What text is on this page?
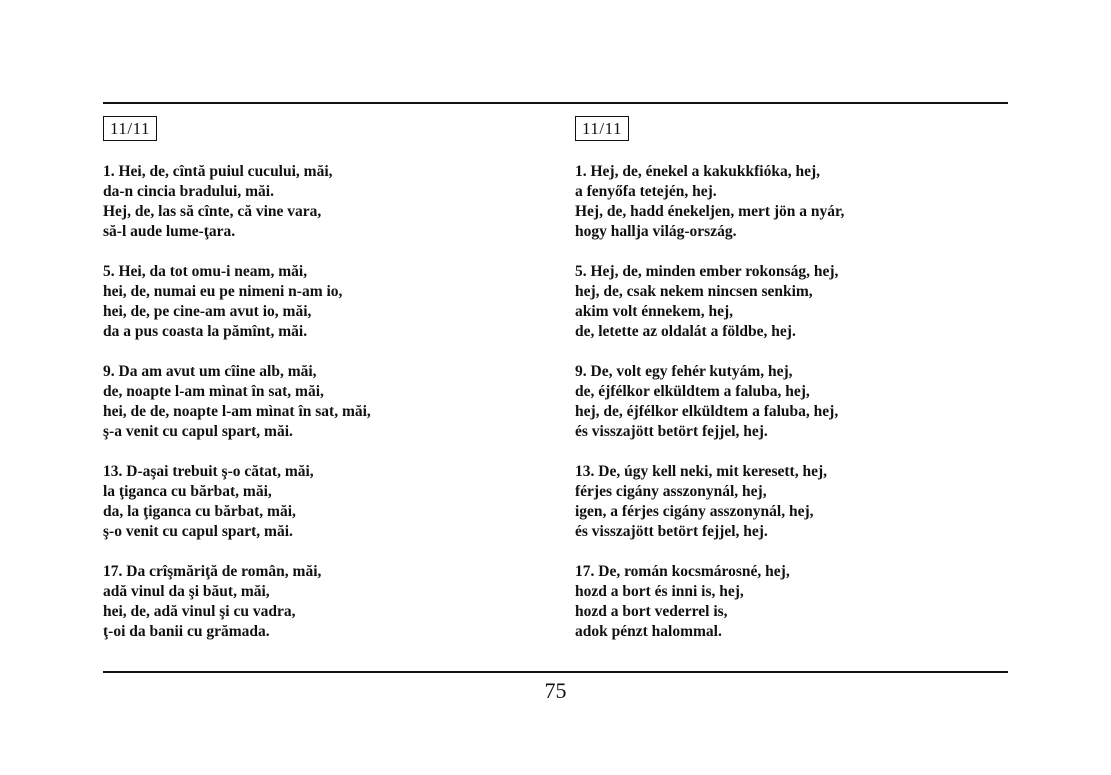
11/11
1. Hei, de, cîntă puiul cucului, măi,
da-n cincia bradului, măi.
Hej, de, las să cînte, că vine vara,
să-l aude lume-ţara.
5. Hei, da tot omu-i neam, măi,
hei, de, numai eu pe nimeni n-am io,
hei, de, pe cine-am avut io, măi,
da a pus coasta la pămînt, măi.
9. Da am avut um cîine alb, măi,
de, noapte l-am mìnat în sat, măi,
hei, de de, noapte l-am mìnat în sat, măi,
ş-a venit cu capul spart, măi.
13. D-aşai trebuit ş-o cătat, măi,
la ţiganca cu bărbat, măi,
da, la ţiganca cu bărbat, măi,
ş-o venit cu capul spart, măi.
17. Da crîşmăriţă de român, măi,
adă vinul da şi băut, măi,
hei, de, adă vinul şi cu vadra,
ţ-oi da banii cu grămada.
11/11
1. Hej, de, énekel a kakukkfióka, hej,
a fenyőfa tetején, hej.
Hej, de, hadd énekeljen, mert jön a nyár,
hogy hallja világ-ország.
5. Hej, de, minden ember rokonság, hej,
hej, de, csak nekem nincsen senkim,
akim volt énnekem, hej,
de, letette az oldalát a földbe, hej.
9. De, volt egy fehér kutyám, hej,
de, éjfélkor elküldtem a faluba, hej,
hej, de, éjfélkor elküldtem a faluba, hej,
és visszajött betört fejjel, hej.
13. De, úgy kell neki, mit keresett, hej,
férjes cigány asszonynál, hej,
igen, a férjes cigány asszonynál, hej,
és visszajött betört fejjel, hej.
17. De, román kocsmárosné, hej,
hozd a bort és inni is, hej,
hozd a bort vederrel is,
adok pénzt halommal.
75
